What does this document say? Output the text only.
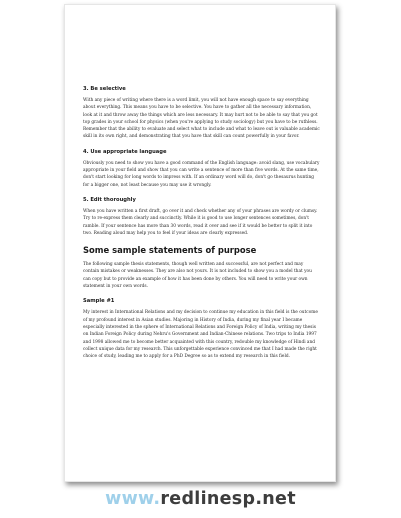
3. Be selective

With any piece of writing where there is a word limit, you will not have enough space to say everything about everything. This means you have to be selective. You have to gather all the necessary information, look at it and throw away the things which are less necessary. It may hurt not to be able to say that you got top grades in your school for physics (when you're applying to study sociology) but you have to be ruthless. Remember that the ability to evaluate and select what to include and what to leave out is valuable academic skill in its own right, and demonstrating that you have that skill can count powerfully in your favor.

4. Use appropriate language

Obviously you need to show you have a good command of the English language: avoid slang, use vocabulary appropriate in your field and show that you can write a sentence of more than five words. At the same time, don't start looking for long words to impress with. If an ordinary word will do, don't go thesaurus hunting for a bigger one, not least because you may use it wrongly.

5. Edit thoroughly

When you have written a first draft, go over it and check whether any of your phrases are wordy or clumsy. Try to re-express them clearly and succinctly. While it is good to use longer sentences sometimes, don't ramble. If your sentence has more than 30 words, read it over and see if it would be better to split it into two. Reading aloud may help you to feel if your ideas are clearly expressed.

Some sample statements of purpose

The following sample thesis statements, though well written and successful, are not perfect and may contain mistakes or weaknesses. They are also not yours. It is not included to show you a model that you can copy but to provide an example of how it has been done by others. You will need to write your own statement in your own words.

Sample #1

My interest in International Relations and my decision to continue my education in this field is the outcome of my profound interest in Asian studies. Majoring in History of India, during my final year I became especially interested in the sphere of International Relations and Foreign Policy of India, writing my thesis on Indian Foreign Policy during Nehru's Government and Indian-Chinese relations. Two trips to India 1997 and 1998 allowed me to become better acquainted with this country, redouble my knowledge of Hindi and collect unique data for my research. This unforgettable experience convinced me that I had made the right choice of study, leading me to apply for a PhD Degree so as to extend my research in this field.

www.redlinesp.net
